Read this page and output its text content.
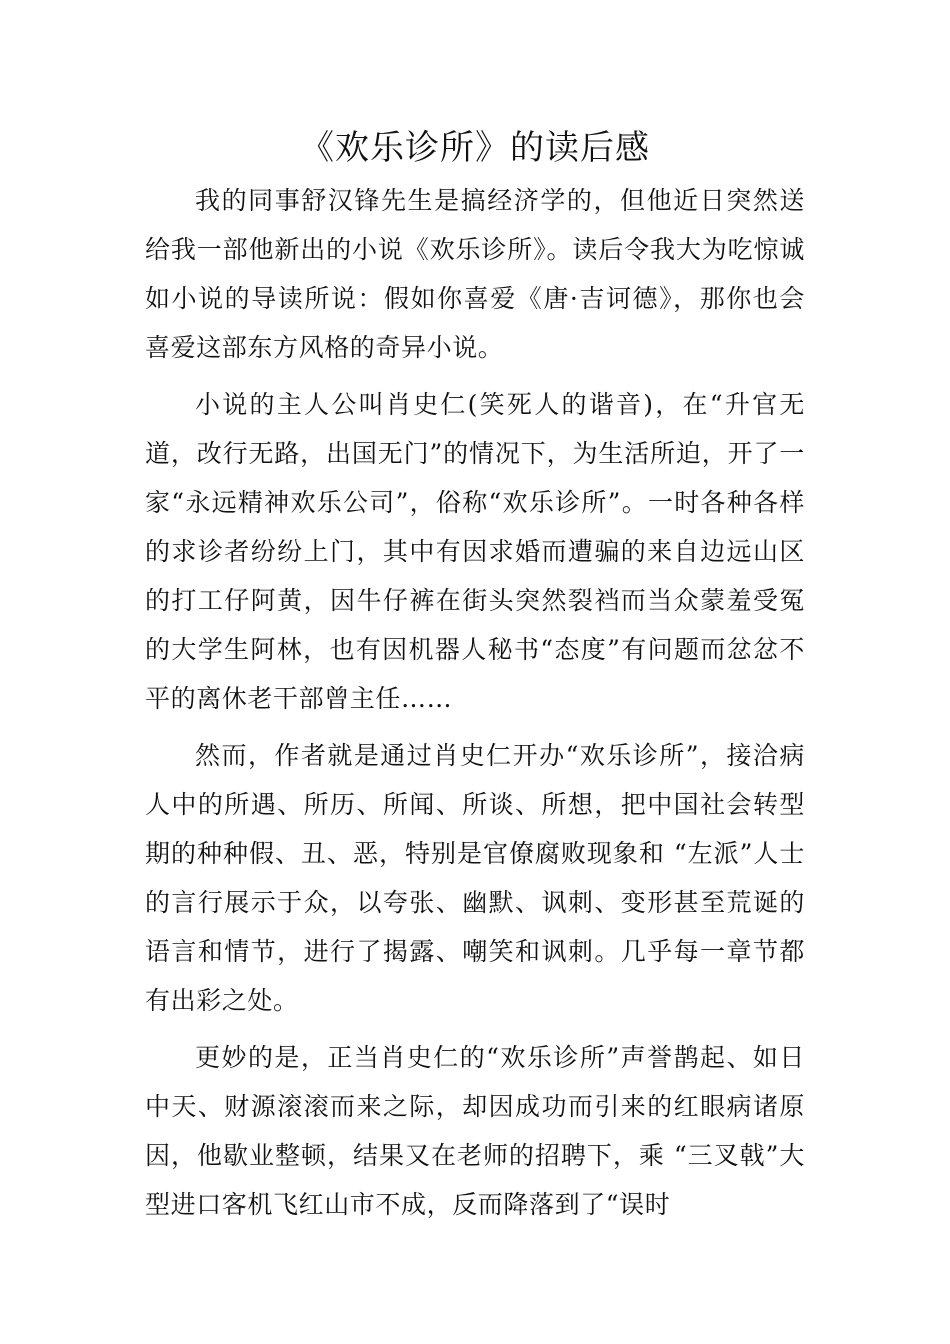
《欢乐诊所》的读后感

我的同事舒汉锋先生是搞经济学的，但他近日突然送给我一部他新出的小说《欢乐诊所》。读后令我大为吃惊诚如小说的导读所说：假如你喜爱《唐·吉诃德》，那你也会喜爱这部东方风格的奇异小说。

小说的主人公叫肖史仁(笑死人的谐音)，在“升官无道，改行无路，出国无门”的情况下，为生活所迫，开了一家“永远精神欢乐公司”，俗称“欢乐诊所”。一时各种各样的求诊者纷纷上门，其中有因求婚而遭骗的来自边远山区的打工仔阿黄，因牛仔裤在街头突然裂裆而当众蒙羞受冤的大学生阿林，也有因机器人秘书“态度”有问题而忿忿不平的离休老干部曾主任……

然而，作者就是通过肖史仁开办“欢乐诊所”，接洽病人中的所遇、所历、所闻、所谈、所想，把中国社会转型期的种种假、丑、恶，特别是官僚腐败现象和 “左派”人士的言行展示于众，以夸张、幽默、讽刺、变形甚至荒诞的语言和情节，进行了揭露、嘲笑和讽刺。几乎每一章节都有出彩之处。

更妙的是，正当肖史仁的“欢乐诊所”声誉鹊起、如日中天、财源滚滚而来之际，却因成功而引来的红眼病诸原因，他歇业整顿，结果又在老师的招聘下，乘 “三叉戟”大型进口客机飞红山市不成，反而降落到了“误时
